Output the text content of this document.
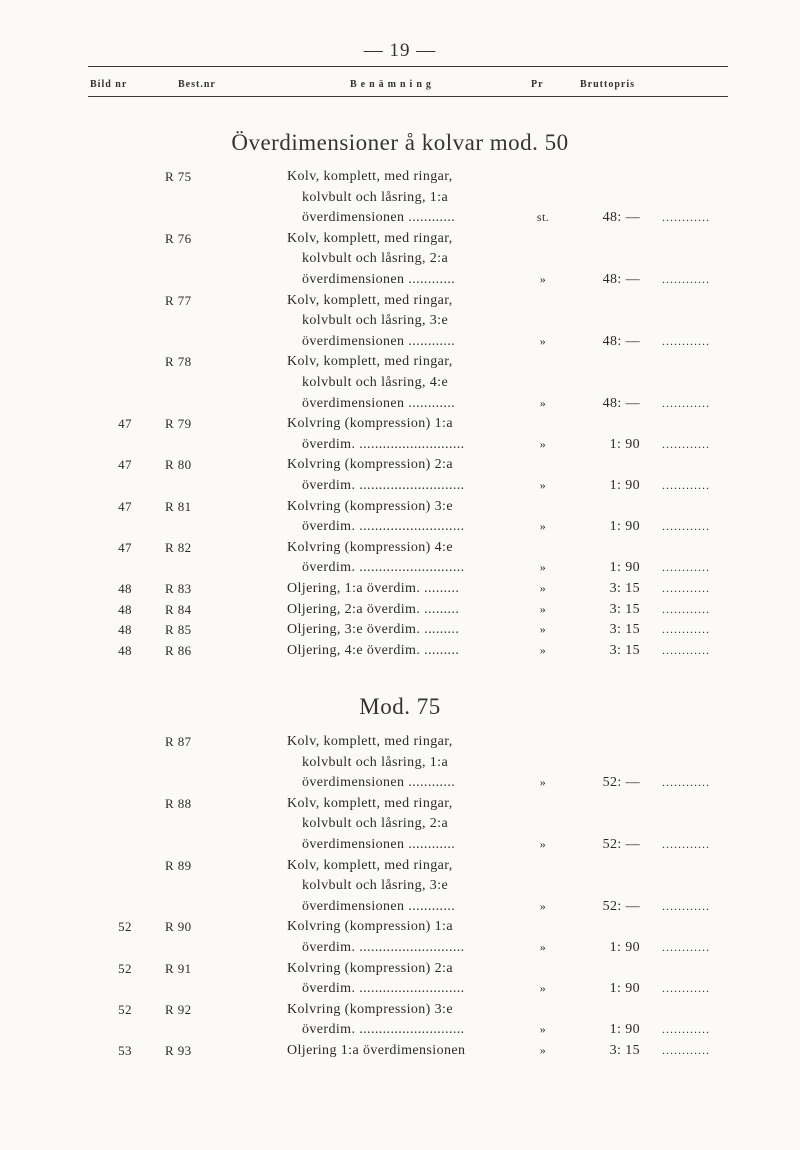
— 19 —
Bild nr	Best.nr	Benämning	Pr	Bruttopris
Överdimensioner å kolvar mod. 50
R 75	Kolv, komplett, med ringar,
kolvbult och låsring, 1:a
överdimensionen ............	st.	48: — ............
R 76	Kolv, komplett, med ringar,
kolvbult och låsring, 2:a
överdimensionen ............	»	48: — ............
R 77	Kolv, komplett, med ringar,
kolvbult och låsring, 3:e
överdimensionen ............	»	48: — ............
R 78	Kolv, komplett, med ringar,
kolvbult och låsring, 4:e
överdimensionen ............	»	48: — ............
47	R 79	Kolvring (kompression) 1:a
överdim. ...........................	»	1: 90 ............
47	R 80	Kolvring (kompression) 2:a
överdim. ...........................	»	1: 90 ............
47	R 81	Kolvring (kompression) 3:e
överdim. ...........................	»	1: 90 ............
47	R 82	Kolvring (kompression) 4:e
överdim. ...........................	»	1: 90 ............
48	R 83	Oljering, 1:a överdim. .........	»	3: 15 ............
48	R 84	Oljering, 2:a överdim. .........	»	3: 15 ............
48	R 85	Oljering, 3:e överdim. .........	»	3: 15 ............
48	R 86	Oljering, 4:e överdim. .........	»	3: 15 ............
Mod. 75
R 87	Kolv, komplett, med ringar,
kolvbult och låsring, 1:a
överdimensionen ............	»	52: — ............
R 88	Kolv, komplett, med ringar,
kolvbult och låsring, 2:a
överdimensionen ............	»	52: — ............
R 89	Kolv, komplett, med ringar,
kolvbult och låsring, 3:e
överdimensionen ............	»	52: — ............
52	R 90	Kolvring (kompression) 1:a
överdim. ...........................	»	1: 90 ............
52	R 91	Kolvring (kompression) 2:a
överdim. ...........................	»	1: 90 ............
52	R 92	Kolvring (kompression) 3:e
överdim. ...........................	»	1: 90 ............
53	R 93	Oljering 1:a överdimensionen	»	3: 15 ............
